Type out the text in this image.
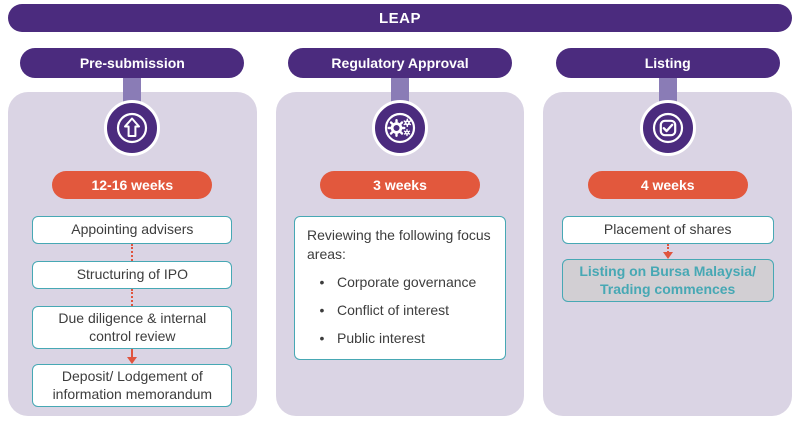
LEAP
Pre-submission
12-16 weeks
Appointing advisers
Structuring of IPO
Due diligence & internal control review
Deposit/ Lodgement of information memorandum
Regulatory Approval
3 weeks
Reviewing the following focus areas:
• Corporate governance
• Conflict of interest
• Public interest
Listing
4 weeks
Placement of shares
Listing on Bursa Malaysia/ Trading commences
